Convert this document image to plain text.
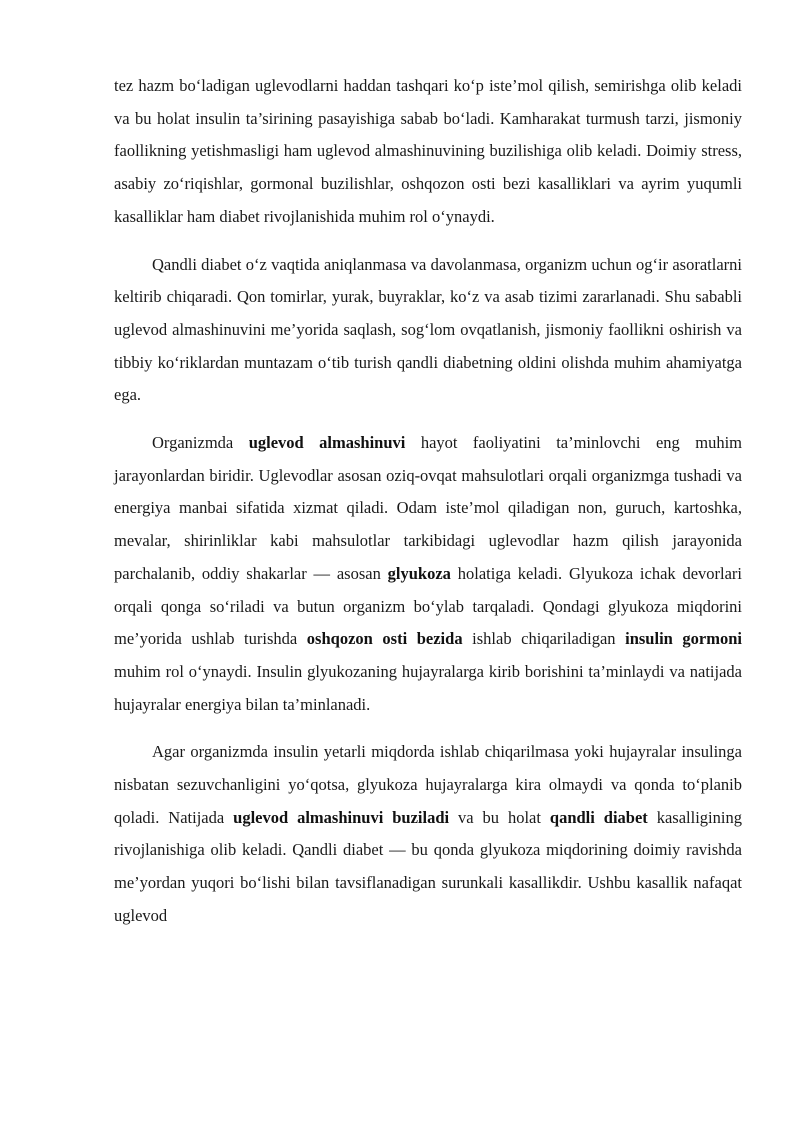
tez hazm bo‘ladigan uglevodlarni haddan tashqari ko‘p iste’mol qilish, semirishga olib keladi va bu holat insulin ta’sirining pasayishiga sabab bo‘ladi. Kamharakat turmush tarzi, jismoniy faollikning yetishmasligi ham uglevod almashinuvining buzilishiga olib keladi. Doimiy stress, asabiy zo‘riqishlar, gormonal buzilishlar, oshqozon osti bezi kasalliklari va ayrim yuqumli kasalliklar ham diabet rivojlanishida muhim rol o‘ynaydi.

Qandli diabet o‘z vaqtida aniqlanmasa va davolanmasa, organizm uchun og‘ir asoratlarni keltirib chiqaradi. Qon tomirlar, yurak, buyraklar, ko‘z va asab tizimi zararlanadi. Shu sababli uglevod almashinuvini me’yorida saqlash, sog‘lom ovqatlanish, jismoniy faollikni oshirish va tibbiy ko‘riklardan muntazam o‘tib turish qandli diabetning oldini olishda muhim ahamiyatga ega.

Organizmda uglevod almashinuvi hayot faoliyatini ta’minlovchi eng muhim jarayonlardan biridir. Uglevodlar asosan oziq-ovqat mahsulotlari orqali organizmga tushadi va energiya manbai sifatida xizmat qiladi. Odam iste’mol qiladigan non, guruch, kartoshka, mevalar, shirinliklar kabi mahsulotlar tarkibidagi uglevodlar hazm qilish jarayonida parchalanib, oddiy shakarlar — asosan glyukoza holatiga keladi. Glyukoza ichak devorlari orqali qonga so‘riladi va butun organizm bo‘ylab tarqaladi. Qondagi glyukoza miqdorini me’yorida ushlab turishda oshqozon osti bezida ishlab chiqariladigan insulin gormoni muhim rol o‘ynaydi. Insulin glyukozaning hujayralarga kirib borishini ta’minlaydi va natijada hujayralar energiya bilan ta’minlanadi.

Agar organizmda insulin yetarli miqdorda ishlab chiqarilmasa yoki hujayralar insulinga nisbatan sezuvchanligini yo‘qotsa, glyukoza hujayralarga kira olmaydi va qonda to‘planib qoladi. Natijada uglevod almashinuvi buziladi va bu holat qandli diabet kasalligining rivojlanishiga olib keladi. Qandli diabet — bu qonda glyukoza miqdorining doimiy ravishda me’yordan yuqori bo‘lishi bilan tavsiflanadigan surunkali kasallikdir. Ushbu kasallik nafaqat uglevod
